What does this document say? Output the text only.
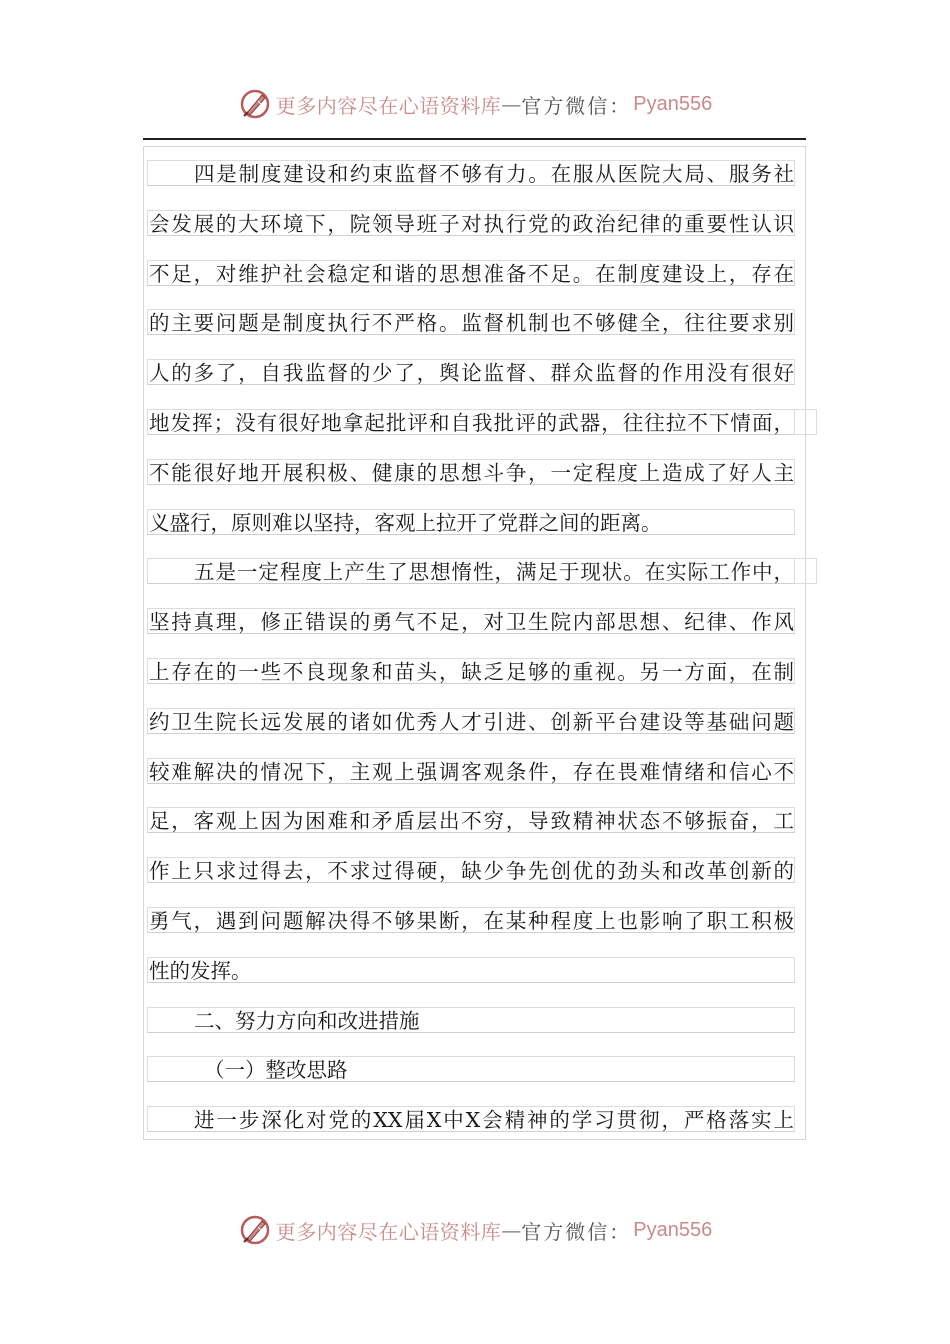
更多内容尽在心语资料库 — 官方微信： Pyan556
四是制度建设和约束监督不够有力。在服从医院大局、服务社
会发展的大环境下，院领导班子对执行党的政治纪律的重要性认识
不足，对维护社会稳定和谐的思想准备不足。在制度建设上，存在
的主要问题是制度执行不严格。监督机制也不够健全，往往要求别
人的多了，自我监督的少了，舆论监督、群众监督的作用没有很好
地发挥；没有很好地拿起批评和自我批评的武器，往往拉不下情面，
不能很好地开展积极、健康的思想斗争，一定程度上造成了好人主
义盛行，原则难以坚持，客观上拉开了党群之间的距离。
五是一定程度上产生了思想惰性，满足于现状。在实际工作中，
坚持真理，修正错误的勇气不足，对卫生院内部思想、纪律、作风
上存在的一些不良现象和苗头，缺乏足够的重视。另一方面，在制
约卫生院长远发展的诸如优秀人才引进、创新平台建设等基础问题
较难解决的情况下，主观上强调客观条件，存在畏难情绪和信心不
足，客观上因为困难和矛盾层出不穷，导致精神状态不够振奋，工
作上只求过得去，不求过得硬，缺少争先创优的劲头和改革创新的
勇气，遇到问题解决得不够果断，在某种程度上也影响了职工积极
性的发挥。
二、努力方向和改进措施
（一）整改思路
进一步深化对党的XX届X中X会精神的学习贯彻，严格落实上
更多内容尽在心语资料库 — 官方微信： Pyan556
